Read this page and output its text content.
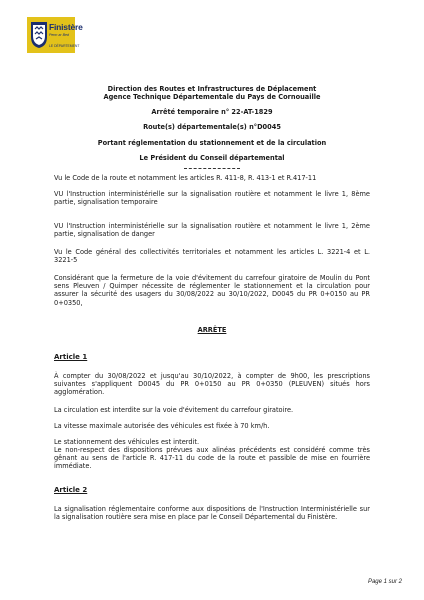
Finistère
Penn ar Bed
LE DÉPARTEMENT
Direction des Routes et Infrastructures de Déplacement
Agence Technique Départementale du Pays de Cornouaille
Arrêté temporaire n° 22-AT-1829
Route(s) départementale(s) n°D0045
Portant réglementation du stationnement et de la circulation
Le Président du Conseil départemental
Vu le Code de la route et notamment les articles R. 411-8, R. 413-1 et R.417-11
VU l'Instruction interministérielle sur la signalisation routière et notamment le livre 1, 8ème partie, signalisation temporaire
VU l'Instruction interministérielle sur la signalisation routière et notamment le livre 1, 2ème partie, signalisation de danger
Vu le Code général des collectivités territoriales et notamment les articles L. 3221-4 et L. 3221-5
Considérant que la fermeture de la voie d'évitement du carrefour giratoire de Moulin du Pont sens Pleuven / Quimper nécessite de réglementer le stationnement et la circulation pour assurer la sécurité des usagers du 30/08/2022 au 30/10/2022, D0045 du PR 0+0150 au PR 0+0350,
ARRÊTE
Article 1
À compter du 30/08/2022 et jusqu'au 30/10/2022, à compter de 9h00, les prescriptions suivantes s'appliquent D0045 du PR 0+0150 au PR 0+0350 (PLEUVEN) situés hors agglomération.
La circulation est interdite sur la voie d'évitement du carrefour giratoire.
La vitesse maximale autorisée des véhicules est fixée à 70 km/h.
Le stationnement des véhicules est interdit.
Le non-respect des dispositions prévues aux alinéas précédents est considéré comme très gênant au sens de l'article R. 417-11 du code de la route et passible de mise en fourrière immédiate.
Article 2
La signalisation réglementaire conforme aux dispositions de l'Instruction Interministérielle sur la signalisation routière sera mise en place par le Conseil Départemental du Finistère.
Page 1 sur 2
